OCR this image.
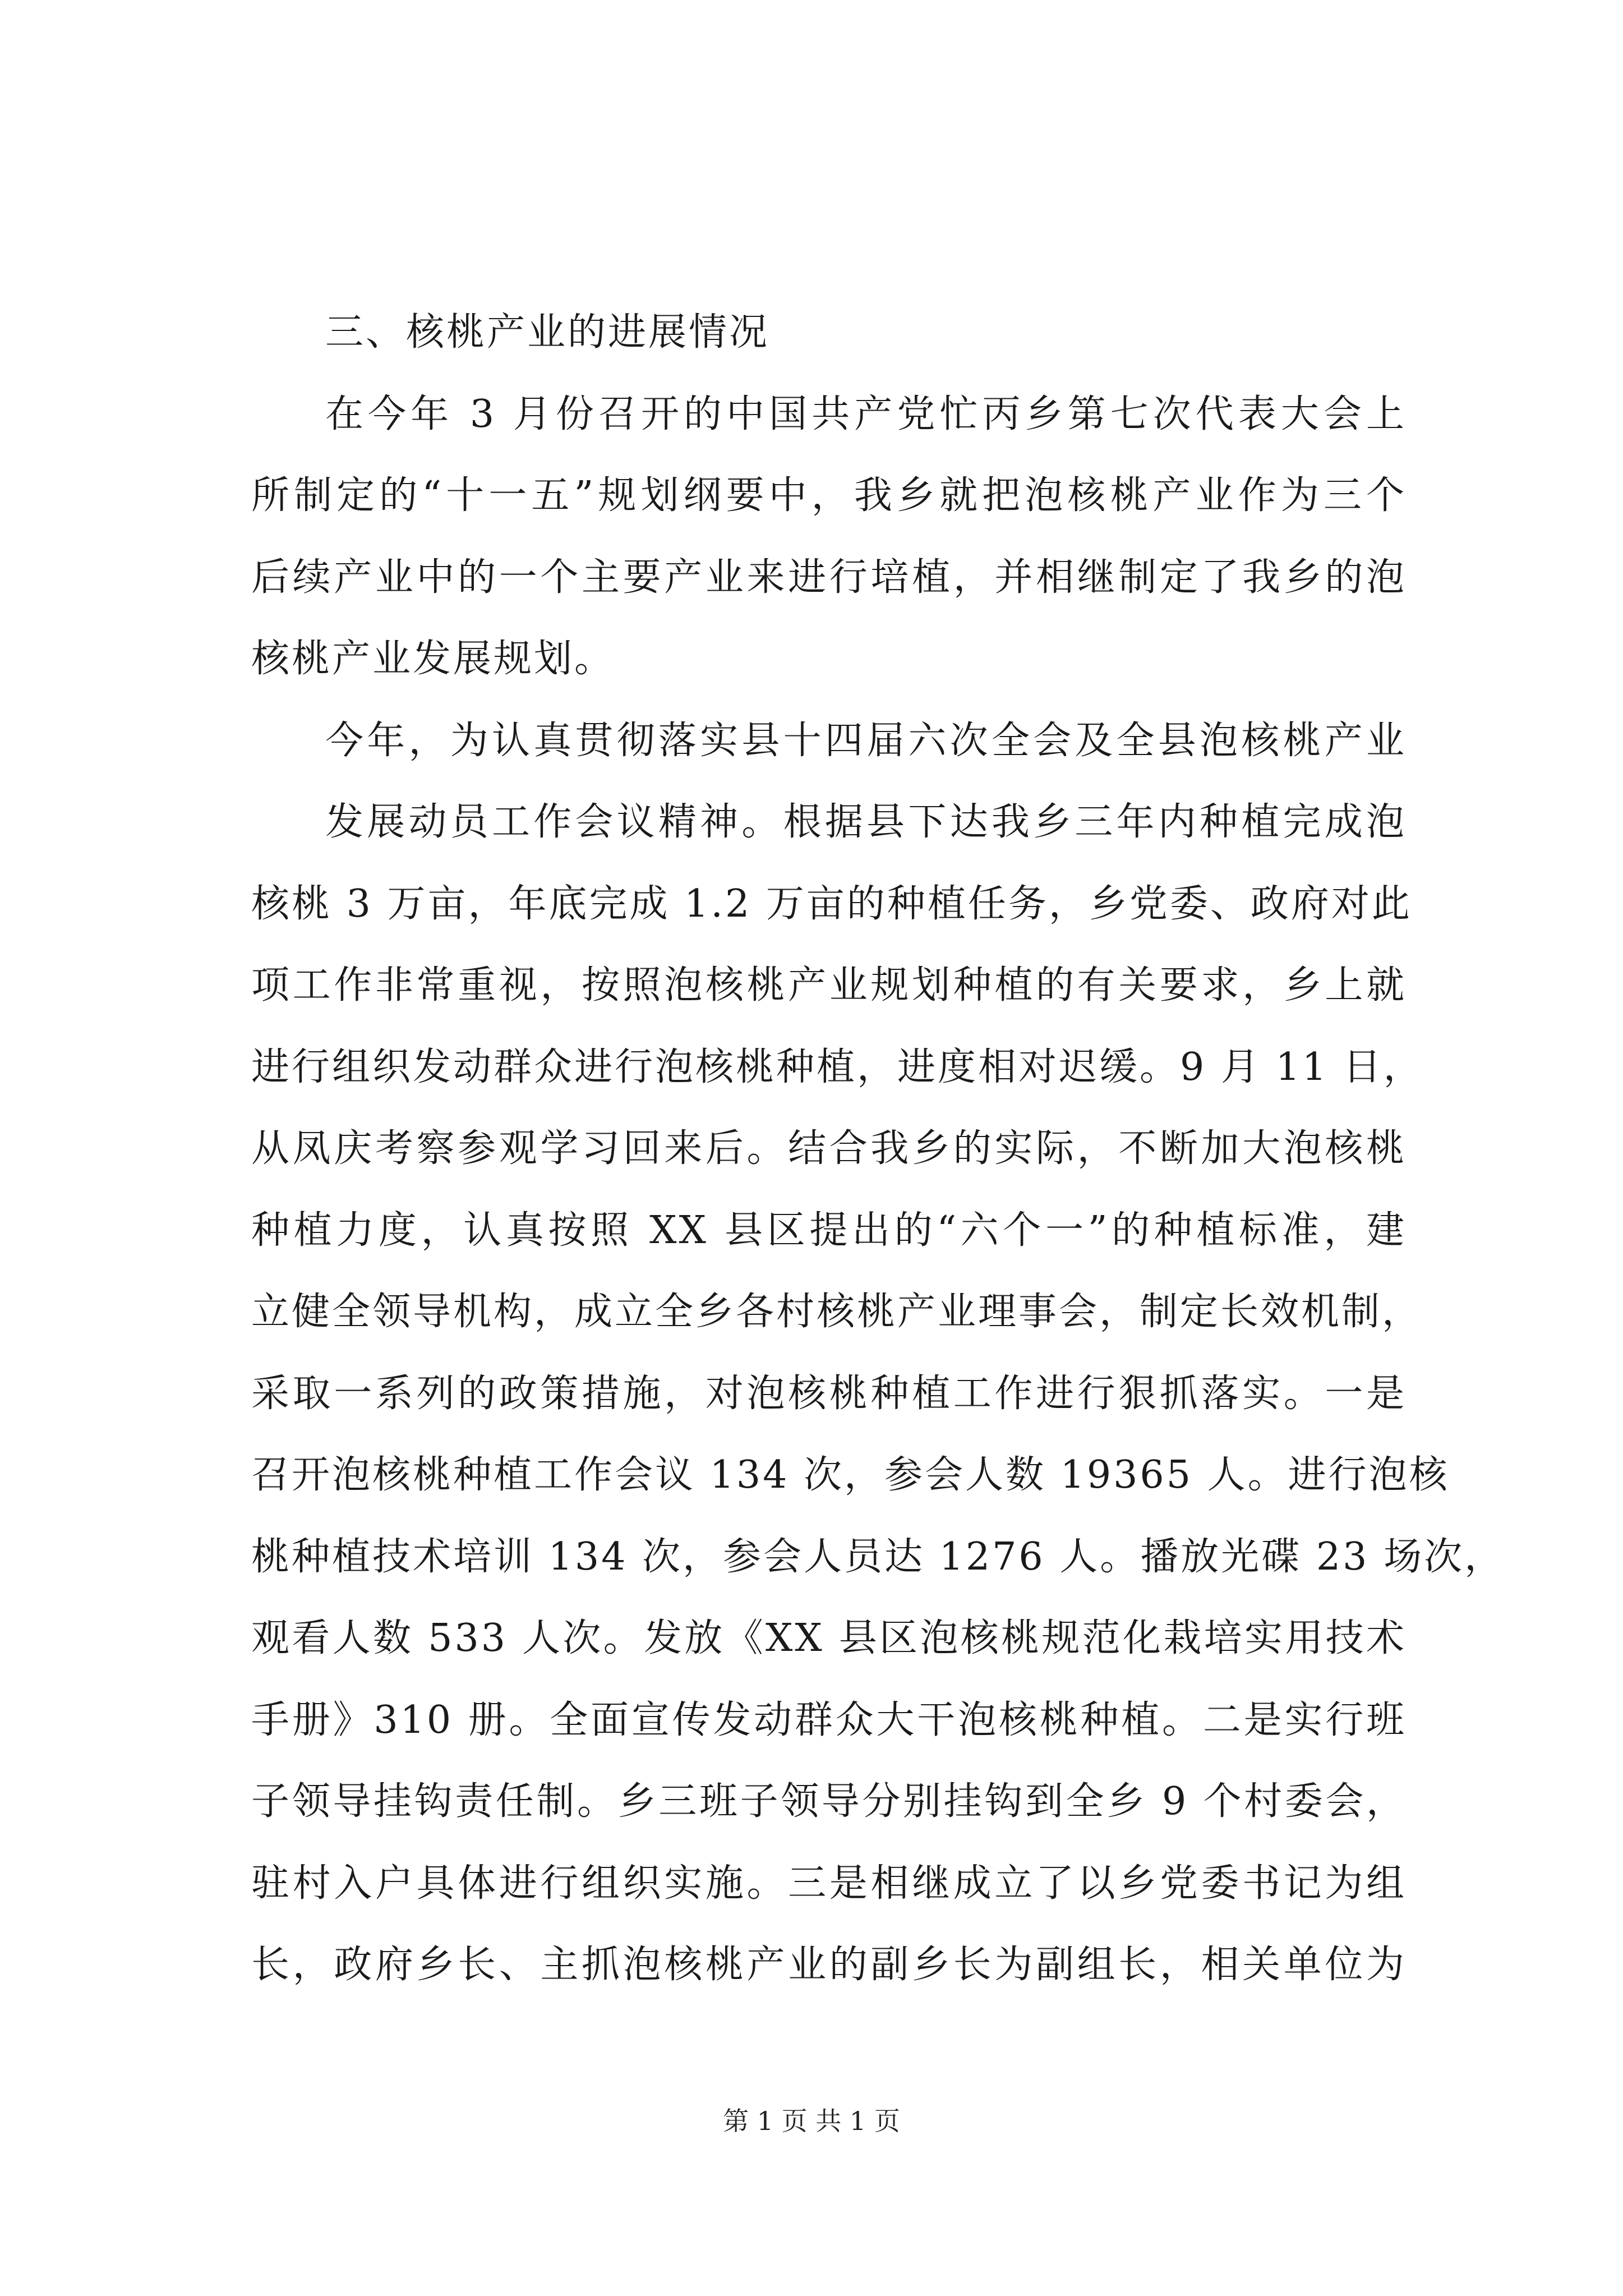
三、核桃产业的进展情况
在今年 3 月份召开的中国共产党忙丙乡第七次代表大会上
所制定的“十一五”规划纲要中，我乡就把泡核桃产业作为三个
后续产业中的一个主要产业来进行培植，并相继制定了我乡的泡
核桃产业发展规划。
今年，为认真贯彻落实县十四届六次全会及全县泡核桃产业
发展动员工作会议精神。根据县下达我乡三年内种植完成泡
核桃 3 万亩，年底完成 1.2 万亩的种植任务，乡党委、政府对此
项工作非常重视，按照泡核桃产业规划种植的有关要求，乡上就
进行组织发动群众进行泡核桃种植，进度相对迟缓。9 月 11 日，
从凤庆考察参观学习回来后。结合我乡的实际，不断加大泡核桃
种植力度，认真按照 XX 县区提出的“六个一”的种植标准，建
立健全领导机构，成立全乡各村核桃产业理事会，制定长效机制，
采取一系列的政策措施，对泡核桃种植工作进行狠抓落实。一是
召开泡核桃种植工作会议 134 次，参会人数 19365 人。进行泡核
桃种植技术培训 134 次，参会人员达 1276 人。播放光碟 23 场次，
观看人数 533 人次。发放《XX 县区泡核桃规范化栽培实用技术
手册》310 册。全面宣传发动群众大干泡核桃种植。二是实行班
子领导挂钩责任制。乡三班子领导分别挂钩到全乡 9 个村委会，
驻村入户具体进行组织实施。三是相继成立了以乡党委书记为组
长，政府乡长、主抓泡核桃产业的副乡长为副组长，相关单位为
第 1 页 共 1 页
